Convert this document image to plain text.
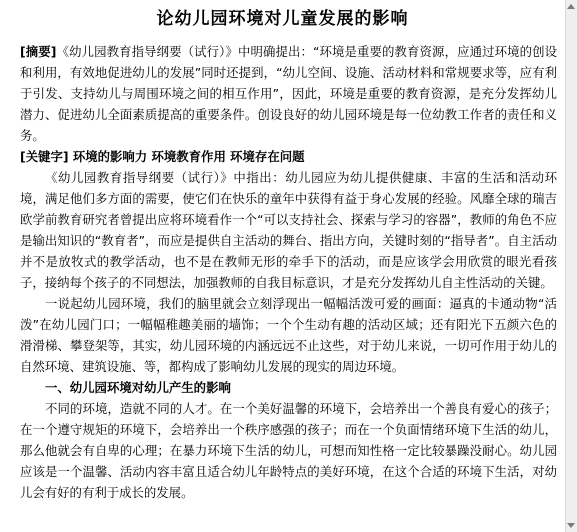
论幼儿园环境对儿童发展的影响

[摘要]《幼儿园教育指导纲要（试行）》中明确提出：“环境是重要的教育资源，应通过环境的创设和利用，有效地促进幼儿的发展”同时还提到，“幼儿空间、设施、活动材料和常规要求等，应有利于引发、支持幼儿与周围环境之间的相互作用”，因此，环境是重要的教育资源，是充分发挥幼儿潜力、促进幼儿全面素质提高的重要条件。创设良好的幼儿园环境是每一位幼教工作者的责任和义务。

[关键字] 环境的影响力 环境教育作用 环境存在问题

《幼儿园教育指导纲要（试行）》中指出：幼儿园应为幼儿提供健康、丰富的生活和活动环境，满足他们多方面的需要，使它们在快乐的童年中获得有益于身心发展的经验。风靡全球的瑞吉欧学前教育研究者曾提出应将环境看作一个“可以支持社会、探索与学习的容器”，教师的角色不应是输出知识的“教育者”，而应是提供自主活动的舞台、指出方向，关键时刻的“指导者”。自主活动并不是放牧式的教学活动，也不是在教师无形的牵手下的活动，而是应该学会用欣赏的眼光看孩子，接纳每个孩子的不同想法，加强教师的自我目标意识，才是充分发挥幼儿自主性活动的关键。

一说起幼儿园环境，我们的脑里就会立刻浮现出一幅幅活泼可爱的画面：逼真的卡通动物“活泼”在幼儿园门口；一幅幅稚趣美丽的墙饰；一个个生动有趣的活动区域；还有阳光下五颜六色的滑滑梯、攀登架等，其实，幼儿园环境的内涵远远不止这些，对于幼儿来说，一切可作用于幼儿的自然环境、建筑设施、等，都构成了影响幼儿发展的现实的周边环境。

一、幼儿园环境对幼儿产生的影响

不同的环境，造就不同的人才。在一个美好温馨的环境下，会培养出一个善良有爱心的孩子；在一个遵守规矩的环境下，会培养出一个秩序感强的孩子；而在一个负面情绪环境下生活的幼儿，那么他就会有自卑的心理；在暴力环境下生活的幼儿，可想而知性格一定比较暴躁没耐心。幼儿园应该是一个温馨、活动内容丰富且适合幼儿年龄特点的美好环境，在这个合适的环境下生活，对幼儿会有好的有利于成长的发展。
